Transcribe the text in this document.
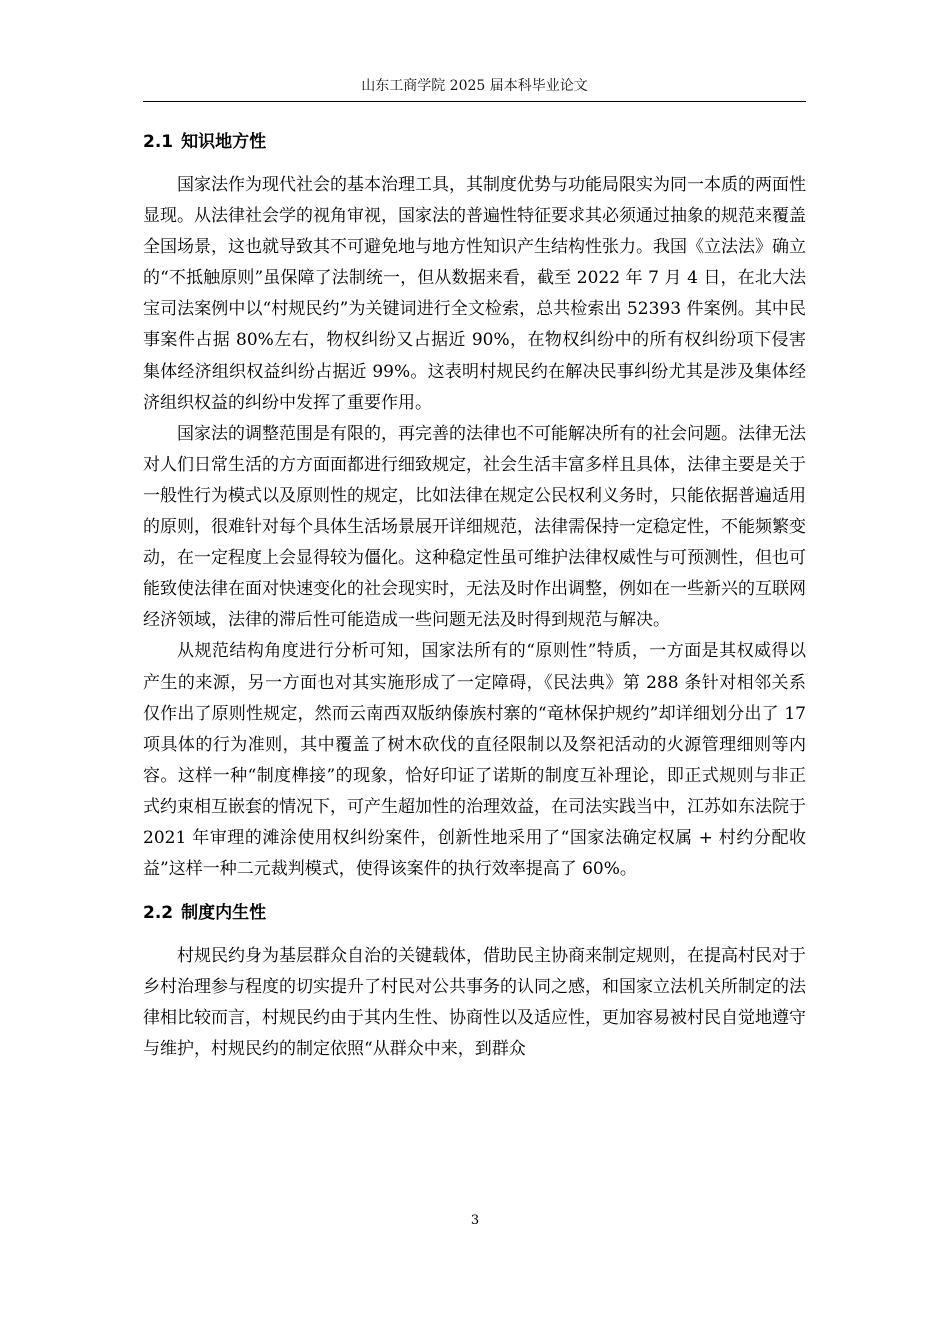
山东工商学院 2025 届本科毕业论文
2.1 知识地方性

国家法作为现代社会的基本治理工具，其制度优势与功能局限实为同一本质的两面性显现。从法律社会学的视角审视，国家法的普遍性特征要求其必须通过抽象的规范来覆盖全国场景，这也就导致其不可避免地与地方性知识产生结构性张力。我国《立法法》确立的“不抵触原则”虽保障了法制统一，但从数据来看，截至 2022 年 7 月 4 日，在北大法宝司法案例中以“村规民约”为关键词进行全文检索，总共检索出 52393 件案例。其中民事案件占据 80%左右，物权纠纷又占据近 90%，在物权纠纷中的所有权纠纷项下侵害集体经济组织权益纠纷占据近 99%。这表明村规民约在解决民事纠纷尤其是涉及集体经济组织权益的纠纷中发挥了重要作用。

国家法的调整范围是有限的，再完善的法律也不可能解决所有的社会问题。法律无法对人们日常生活的方方面面都进行细致规定，社会生活丰富多样且具体，法律主要是关于一般性行为模式以及原则性的规定，比如法律在规定公民权利义务时，只能依据普遍适用的原则，很难针对每个具体生活场景展开详细规范，法律需保持一定稳定性，不能频繁变动，在一定程度上会显得较为僵化。这种稳定性虽可维护法律权威性与可预测性，但也可能致使法律在面对快速变化的社会现实时，无法及时作出调整，例如在一些新兴的互联网经济领域，法律的滞后性可能造成一些问题无法及时得到规范与解决。

从规范结构角度进行分析可知，国家法所有的“原则性”特质，一方面是其权威得以产生的来源，另一方面也对其实施形成了一定障碍，《民法典》第 288 条针对相邻关系仅作出了原则性规定，然而云南西双版纳傣族村寨的“竜林保护规约”却详细划分出了 17 项具体的行为准则，其中覆盖了树木砍伐的直径限制以及祭祀活动的火源管理细则等内容。这样一种“制度榫接”的现象，恰好印证了诺斯的制度互补理论，即正式规则与非正式约束相互嵌套的情况下，可产生超加性的治理效益，在司法实践当中，江苏如东法院于 2021 年审理的滩涂使用权纠纷案件，创新性地采用了“国家法确定权属 + 村约分配收益”这样一种二元裁判模式，使得该案件的执行效率提高了 60%。

2.2 制度内生性

村规民约身为基层群众自治的关键载体，借助民主协商来制定规则，在提高村民对于乡村治理参与程度的切实提升了村民对公共事务的认同之感，和国家立法机关所制定的法律相比较而言，村规民约由于其内生性、协商性以及适应性，更加容易被村民自觉地遵守与维护，村规民约的制定依照“从群众中来，到群众

3
